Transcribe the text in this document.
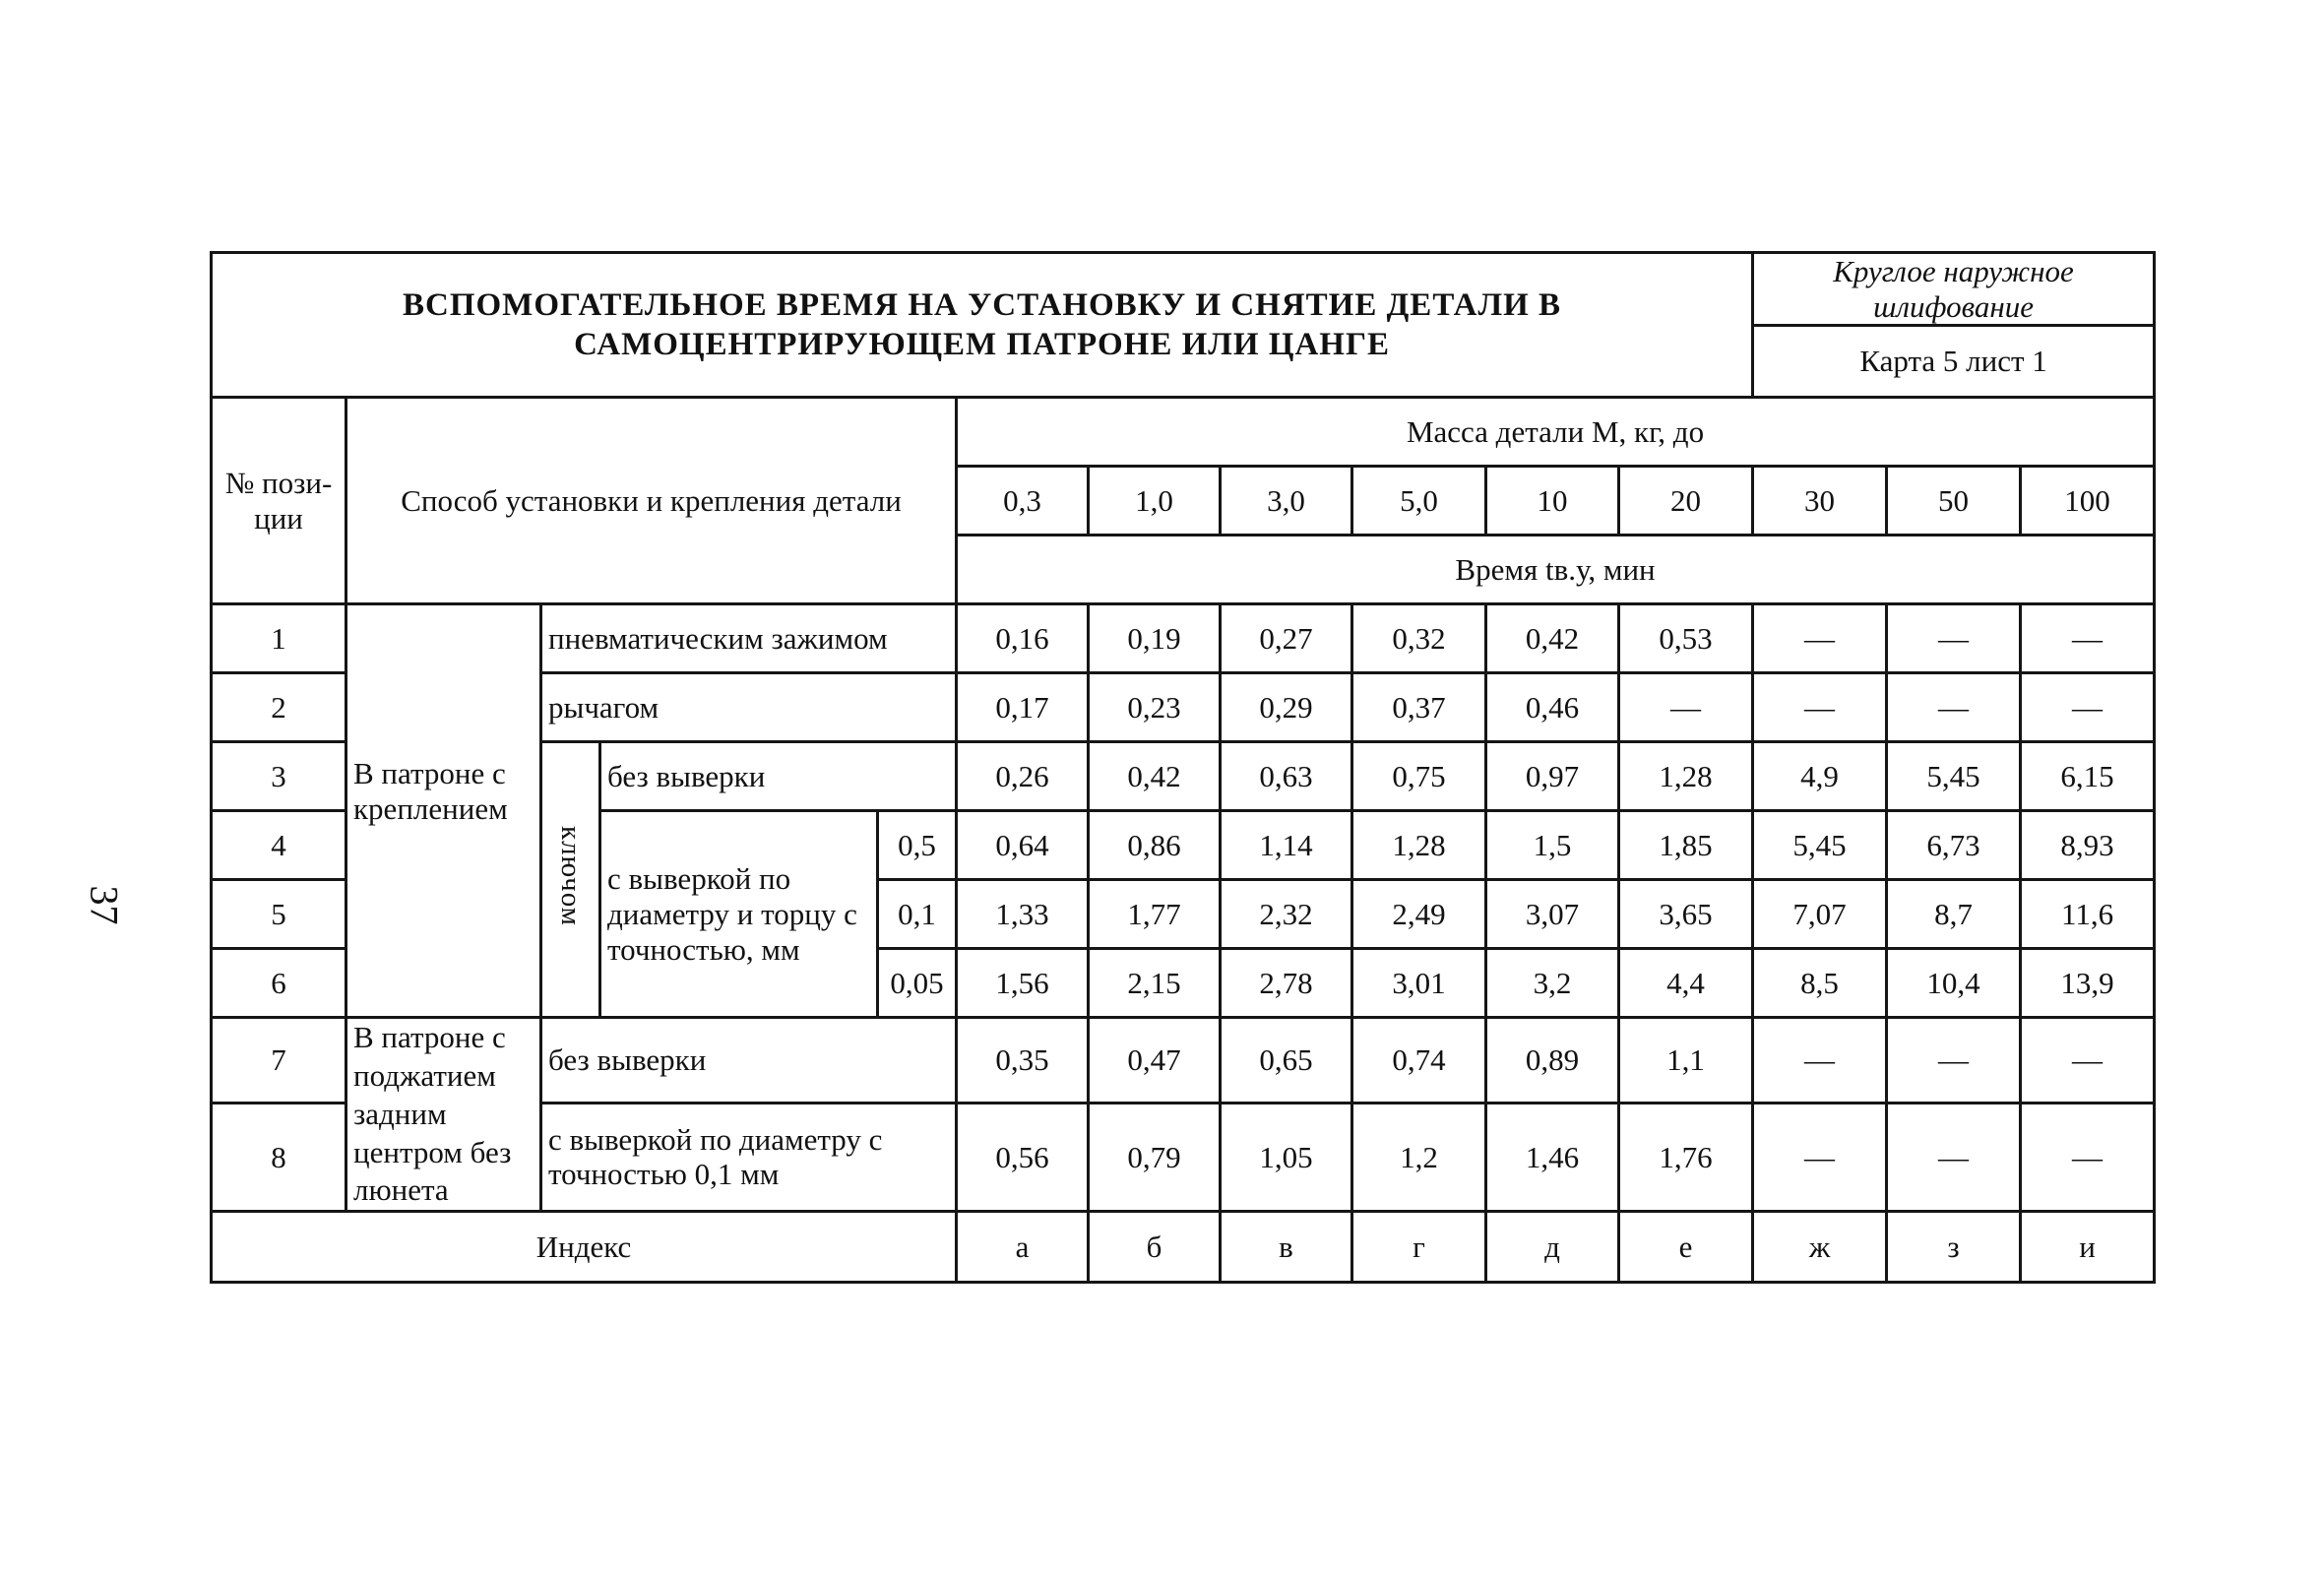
37
ВСПОМОГАТЕЛЬНОЕ ВРЕМЯ НА УСТАНОВКУ И СНЯТИЕ ДЕТАЛИ В
САМОЦЕНТРИРУЮЩЕМ ПАТРОНЕ ИЛИ ЦАНГЕ											Круглое наружное шлифование		
											Карта 5 лист 1		
№ пози-
ции	Способ установки и крепления детали				Масса детали М, кг, до								
					0,3	1,0	3,0	5,0	10	20	30	50	100
					Время tв.у, мин								
1	В патроне с креплением	пневматическим зажимом			0,16	0,19	0,27	0,32	0,42	0,53	—	—	—
2		рычагом			0,17	0,23	0,29	0,37	0,46	—	—	—	—
3		ключом	без выверки		0,26	0,42	0,63	0,75	0,97	1,28	4,9	5,45	6,15
4			с выверкой по диаметру и торцу с точностью, мм	0,5	0,64	0,86	1,14	1,28	1,5	1,85	5,45	6,73	8,93
5				0,1	1,33	1,77	2,32	2,49	3,07	3,65	7,07	8,7	11,6
6				0,05	1,56	2,15	2,78	3,01	3,2	4,4	8,5	10,4	13,9
7	В патроне с поджатием задним центром без люнета	без выверки			0,35	0,47	0,65	0,74	0,89	1,1	—	—	—
8		с выверкой по диаметру с точностью 0,1 мм			0,56	0,79	1,05	1,2	1,46	1,76	—	—	—
Индекс					а	б	в	г	д	е	ж	з	и
